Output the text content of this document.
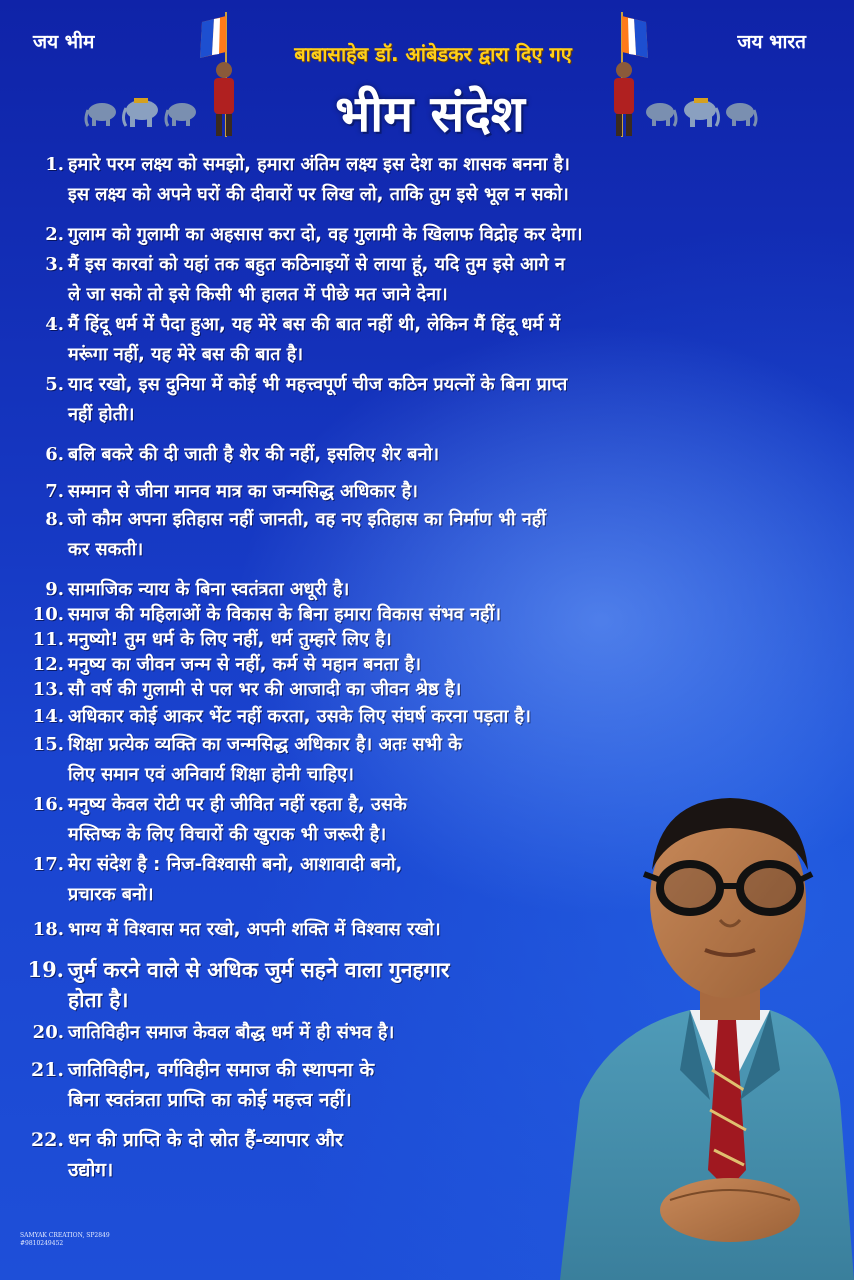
जय भीम	जय भारत
बाबासाहेब डॉ. आंबेडकर द्वारा दिए गए
भीम संदेश
1. हमारे परम लक्ष्य को समझो, हमारा अंतिम लक्ष्य इस देश का शासक बनना है।
इस लक्ष्य को अपने घरों की दीवारों पर लिख लो, ताकि तुम इसे भूल न सको।
2. गुलाम को गुलामी का अहसास करा दो, वह गुलामी के खिलाफ विद्रोह कर देगा।
3. मैं इस कारवां को यहां तक बहुत कठिनाइयों से लाया हूं, यदि तुम इसे आगे न
ले जा सको तो इसे किसी भी हालत में पीछे मत जाने देना।
4. मैं हिंदू धर्म में पैदा हुआ, यह मेरे बस की बात नहीं थी, लेकिन मैं हिंदू धर्म में
मरूंगा नहीं, यह मेरे बस की बात है।
5. याद रखो, इस दुनिया में कोई भी महत्त्वपूर्ण चीज कठिन प्रयत्नों के बिना प्राप्त
नहीं होती।
6. बलि बकरे की दी जाती है शेर की नहीं, इसलिए शेर बनो।
7. सम्मान से जीना मानव मात्र का जन्मसिद्ध अधिकार है।
8. जो कौम अपना इतिहास नहीं जानती, वह नए इतिहास का निर्माण भी नहीं
कर सकती।
9. सामाजिक न्याय के बिना स्वतंत्रता अधूरी है।
10. समाज की महिलाओं के विकास के बिना हमारा विकास संभव नहीं।
11. मनुष्यो! तुम धर्म के लिए नहीं, धर्म तुम्हारे लिए है।
12. मनुष्य का जीवन जन्म से नहीं, कर्म से महान बनता है।
13. सौ वर्ष की गुलामी से पल भर की आजादी का जीवन श्रेष्ठ है।
14. अधिकार कोई आकर भेंट नहीं करता, उसके लिए संघर्ष करना पड़ता है।
15. शिक्षा प्रत्येक व्यक्ति का जन्मसिद्ध अधिकार है। अतः सभी के
लिए समान एवं अनिवार्य शिक्षा होनी चाहिए।
16. मनुष्य केवल रोटी पर ही जीवित नहीं रहता है, उसके
मस्तिष्क के लिए विचारों की खुराक भी जरूरी है।
17. मेरा संदेश है : निज-विश्वासी बनो, आशावादी बनो,
प्रचारक बनो।
18. भाग्य में विश्वास मत रखो, अपनी शक्ति में विश्वास रखो।
19. जुर्म करने वाले से अधिक जुर्म सहने वाला गुनहगार
होता है।
20. जातिविहीन समाज केवल बौद्ध धर्म में ही संभव है।
21. जातिविहीन, वर्गविहीन समाज की स्थापना के
बिना स्वतंत्रता प्राप्ति का कोई महत्त्व नहीं।
22. धन की प्राप्ति के दो स्रोत हैं-व्यापार और
उद्योग।
SAMYAK CREATION, SP2849
#9810249452
